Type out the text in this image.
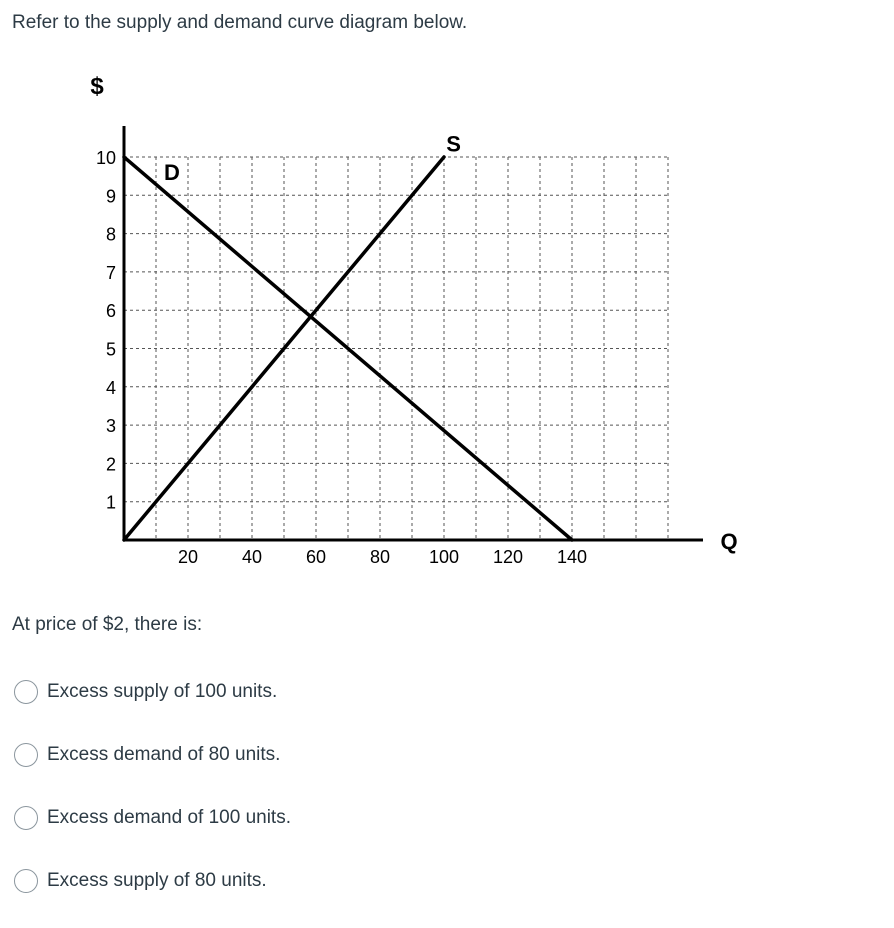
Refer to the supply and demand curve diagram below.
1
2
3
4
5
6
7
8
9
10
20 40 60 80 100 120 140
D
S
$
Q

At price of $2, there is:

Excess supply of 100 units.
Excess demand of 80 units.
Excess demand of 100 units.
Excess supply of 80 units.
